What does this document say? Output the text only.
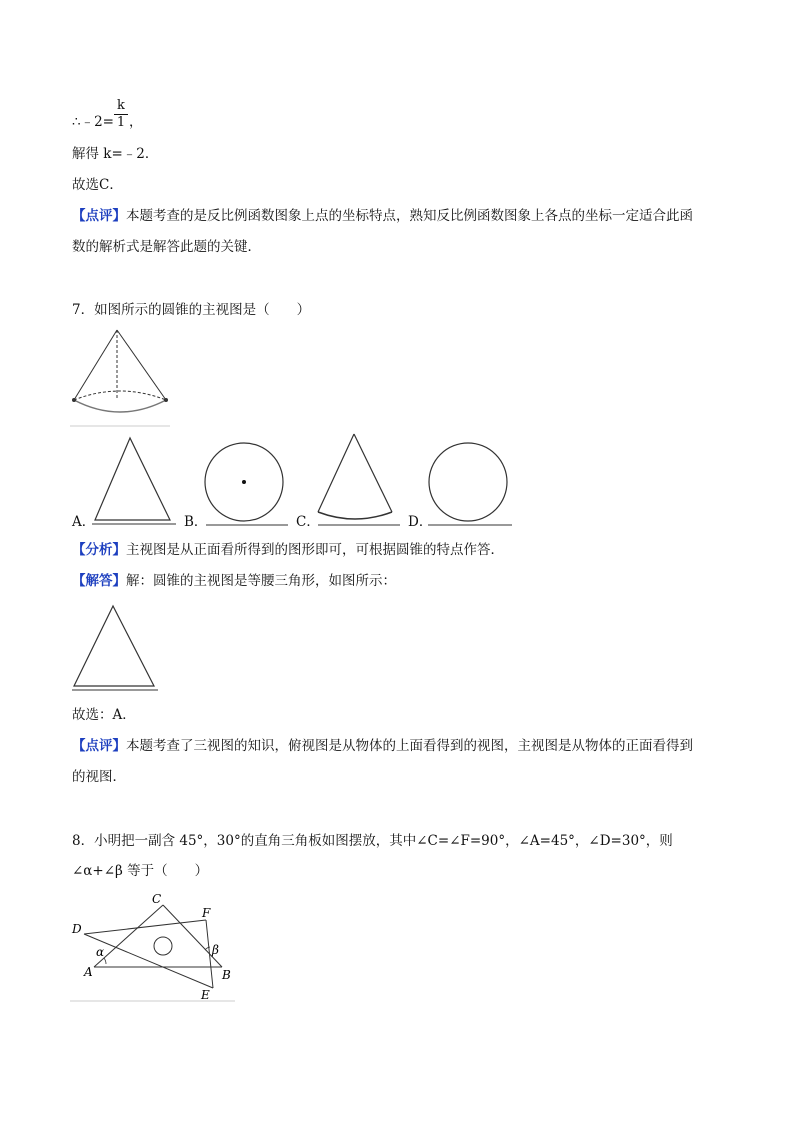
∴﹣2= $\frac{k}{1}$ ，
解得 k=﹣2．
故选C．
【点评】本题考查的是反比例函数图象上点的坐标特点，熟知反比例函数图象上各点的坐标一定适合此函
数的解析式是解答此题的关键．
7．如图所示的圆锥的主视图是（　　）
A．	B．	C．	D．
【分析】主视图是从正面看所得到的图形即可，可根据圆锥的特点作答．
【解答】解：圆锥的主视图是等腰三角形，如图所示：
故选：A．
【点评】本题考查了三视图的知识，俯视图是从物体的上面看得到的视图，主视图是从物体的正面看得到
的视图．
8．小明把一副含 45°，30°的直角三角板如图摆放，其中∠C=∠F=90°，∠A=45°，∠D=30°，则
∠α+∠β 等于（　　）
C
F
D
A	B
E
α	β
